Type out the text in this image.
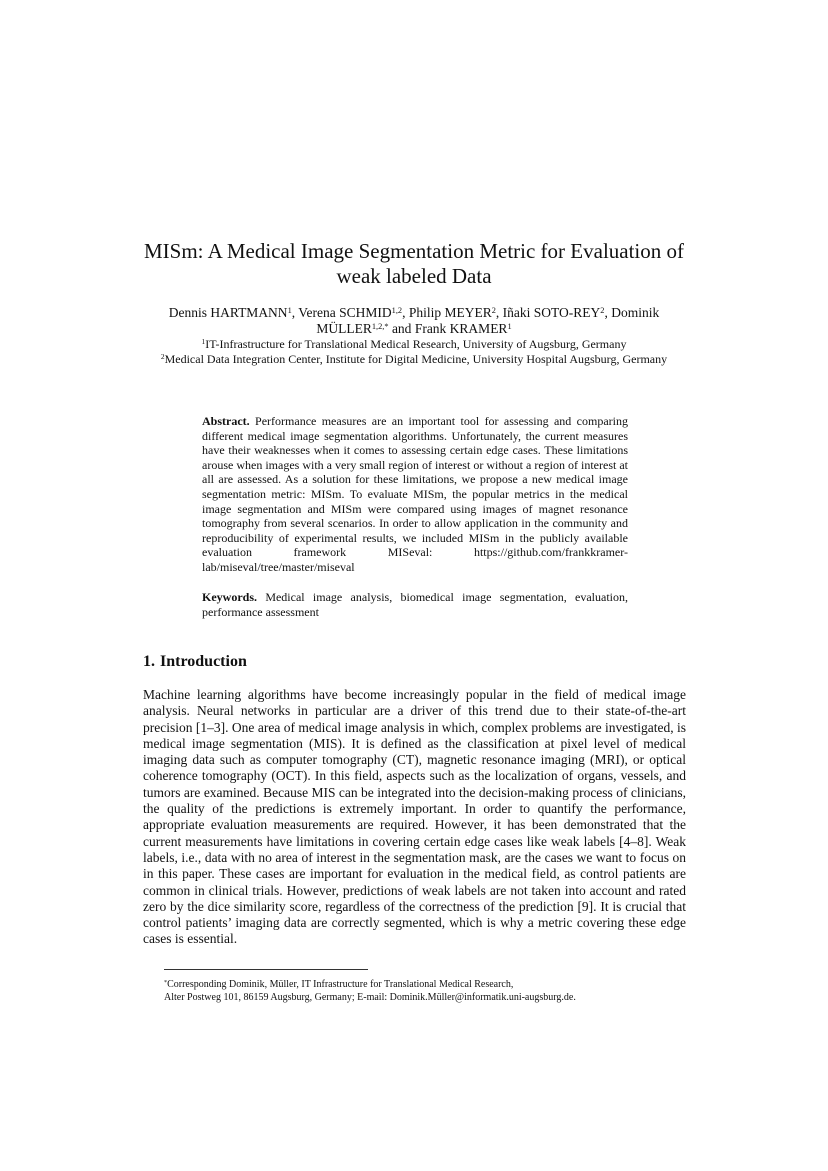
MISm: A Medical Image Segmentation Metric for Evaluation of
weak labeled Data
Dennis HARTMANN$^1$, Verena SCHMID$^{1,2}$, Philip MEYER$^2$, Iñaki SOTO-REY$^2$, Dominik $MÜLLER^{1,2,*}$ and Frank KRAMER$^1$
$^1$IT-Infrastructure for Translational Medical Research, University of Augsburg, Germany
$^2$Medical Data Integration Center, Institute for Digital Medicine, University Hospital Augsburg, Germany

Abstract. Performance measures are an important tool for assessing and comparing different medical image segmentation algorithms. Unfortunately, the current measures have their weaknesses when it comes to assessing certain edge cases. These limitations arouse when images with a very small region of interest or without a region of interest at all are assessed. As a solution for these limitations, we propose a new medical image segmentation metric: MISm. To evaluate MISm, the popular metrics in the medical image segmentation and MISm were compared using images of magnet resonance tomography from several scenarios. In order to allow application in the community and reproducibility of experimental results, we included MISm in the publicly available evaluation framework MISeval: https://github.com/frankkramer-lab/miseval/tree/master/miseval

Keywords. Medical image analysis, biomedical image segmentation, evaluation, performance assessment

1. Introduction

Machine learning algorithms have become increasingly popular in the field of medical image analysis. Neural networks in particular are a driver of this trend due to their state-of-the-art precision [1–3]. One area of medical image analysis in which, complex problems are investigated, is medical image segmentation (MIS). It is defined as the classification at pixel level of medical imaging data such as computer tomography (CT), magnetic resonance imaging (MRI), or optical coherence tomography (OCT). In this field, aspects such as the localization of organs, vessels, and tumors are examined. Because MIS can be integrated into the decision-making process of clinicians, the quality of the predictions is extremely important. In order to quantify the performance, appropriate evaluation measurements are required. However, it has been demonstrated that the current measurements have limitations in covering certain edge cases like weak labels [4–8]. Weak labels, i.e., data with no area of interest in the segmentation mask, are the cases we want to focus on in this paper. These cases are important for evaluation in the medical field, as control patients are common in clinical trials. However, predictions of weak labels are not taken into account and rated zero by the dice similarity score, regardless of the correctness of the prediction [9]. It is crucial that control patients’ imaging data are correctly segmented, which is why a metric covering these edge cases is essential.

*Corresponding Dominik, Müller, IT Infrastructure for Translational Medical Research,
Alter Postweg 101, 86159 Augsburg, Germany; E-mail: Dominik.Müller@informatik.uni-augsburg.de.
